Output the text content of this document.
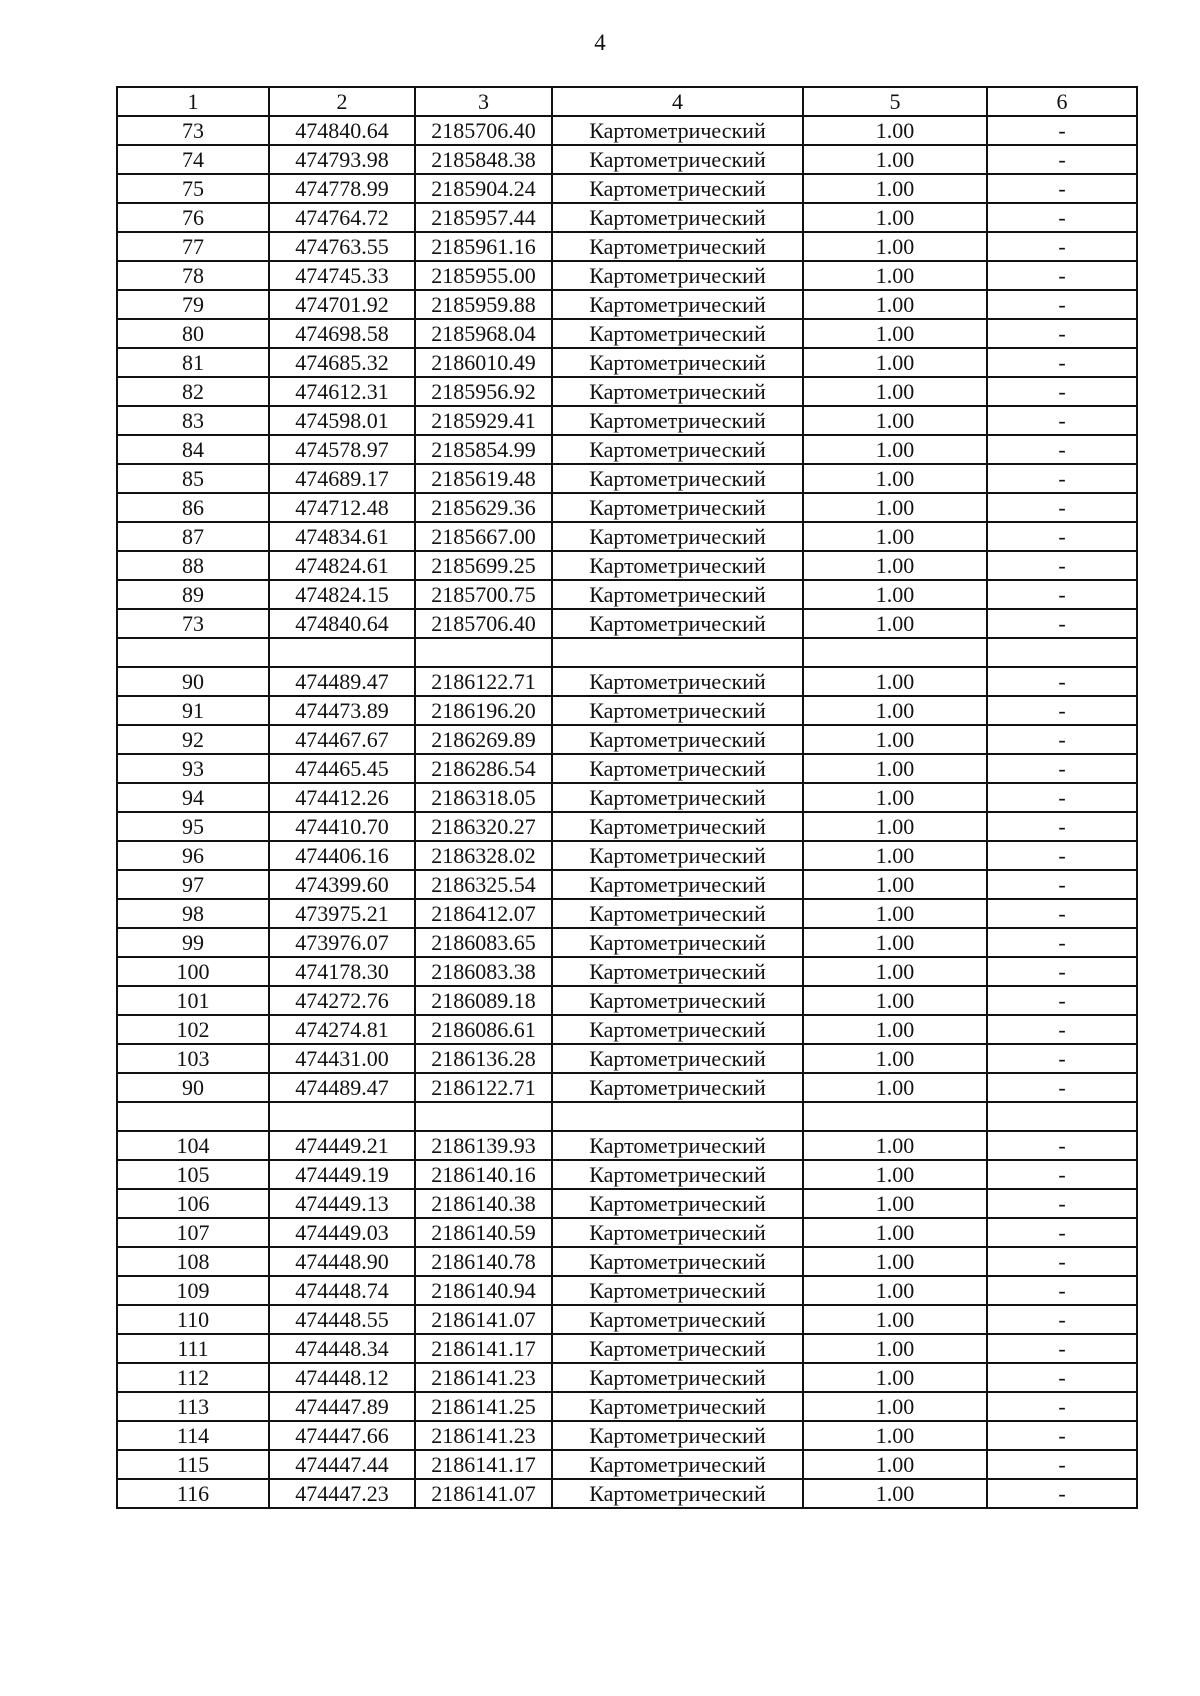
4
1	2	3	4	5	6
73	474840.64	2185706.40	Картометрический	1.00	-
74	474793.98	2185848.38	Картометрический	1.00	-
75	474778.99	2185904.24	Картометрический	1.00	-
76	474764.72	2185957.44	Картометрический	1.00	-
77	474763.55	2185961.16	Картометрический	1.00	-
78	474745.33	2185955.00	Картометрический	1.00	-
79	474701.92	2185959.88	Картометрический	1.00	-
80	474698.58	2185968.04	Картометрический	1.00	-
81	474685.32	2186010.49	Картометрический	1.00	-
82	474612.31	2185956.92	Картометрический	1.00	-
83	474598.01	2185929.41	Картометрический	1.00	-
84	474578.97	2185854.99	Картометрический	1.00	-
85	474689.17	2185619.48	Картометрический	1.00	-
86	474712.48	2185629.36	Картометрический	1.00	-
87	474834.61	2185667.00	Картометрический	1.00	-
88	474824.61	2185699.25	Картометрический	1.00	-
89	474824.15	2185700.75	Картометрический	1.00	-
73	474840.64	2185706.40	Картометрический	1.00	-

90	474489.47	2186122.71	Картометрический	1.00	-
91	474473.89	2186196.20	Картометрический	1.00	-
92	474467.67	2186269.89	Картометрический	1.00	-
93	474465.45	2186286.54	Картометрический	1.00	-
94	474412.26	2186318.05	Картометрический	1.00	-
95	474410.70	2186320.27	Картометрический	1.00	-
96	474406.16	2186328.02	Картометрический	1.00	-
97	474399.60	2186325.54	Картометрический	1.00	-
98	473975.21	2186412.07	Картометрический	1.00	-
99	473976.07	2186083.65	Картометрический	1.00	-
100	474178.30	2186083.38	Картометрический	1.00	-
101	474272.76	2186089.18	Картометрический	1.00	-
102	474274.81	2186086.61	Картометрический	1.00	-
103	474431.00	2186136.28	Картометрический	1.00	-
90	474489.47	2186122.71	Картометрический	1.00	-

104	474449.21	2186139.93	Картометрический	1.00	-
105	474449.19	2186140.16	Картометрический	1.00	-
106	474449.13	2186140.38	Картометрический	1.00	-
107	474449.03	2186140.59	Картометрический	1.00	-
108	474448.90	2186140.78	Картометрический	1.00	-
109	474448.74	2186140.94	Картометрический	1.00	-
110	474448.55	2186141.07	Картометрический	1.00	-
111	474448.34	2186141.17	Картометрический	1.00	-
112	474448.12	2186141.23	Картометрический	1.00	-
113	474447.89	2186141.25	Картометрический	1.00	-
114	474447.66	2186141.23	Картометрический	1.00	-
115	474447.44	2186141.17	Картометрический	1.00	-
116	474447.23	2186141.07	Картометрический	1.00	-
